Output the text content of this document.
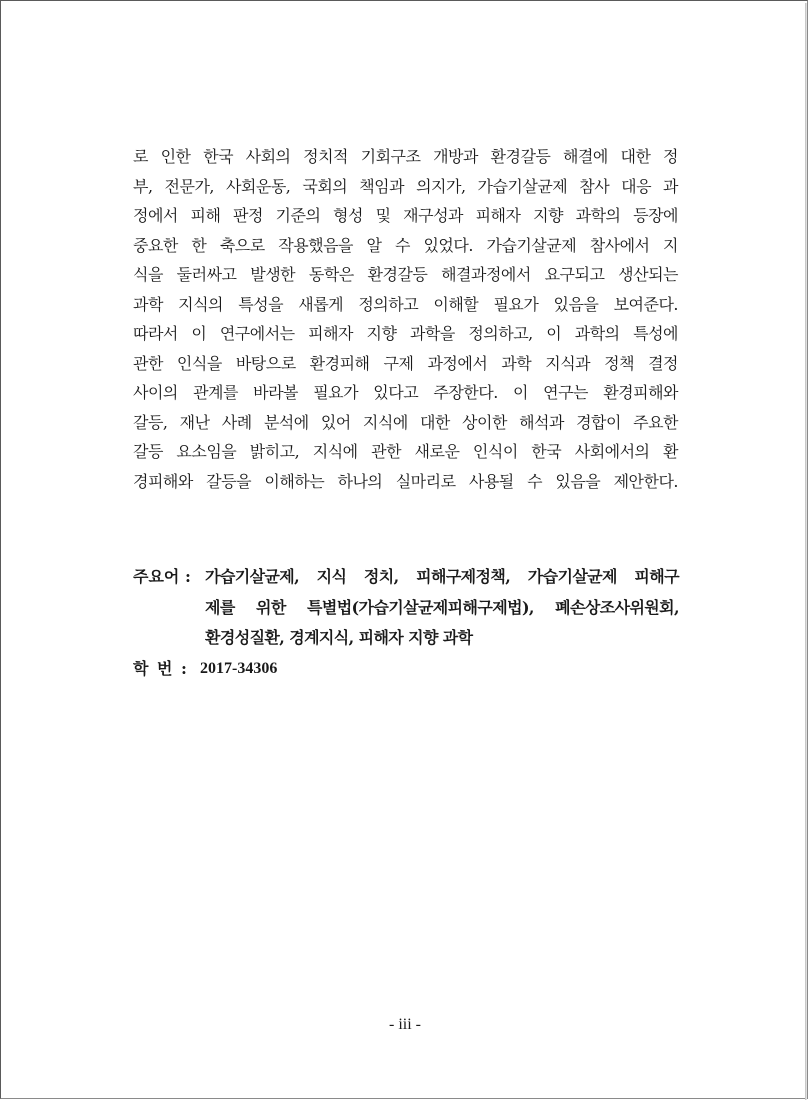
로 인한 한국 사회의 정치적 기회구조 개방과 환경갈등 해결에 대한 정
부, 전문가, 사회운동, 국회의 책임과 의지가, 가습기살균제 참사 대응 과
정에서 피해 판정 기준의 형성 및 재구성과 피해자 지향 과학의 등장에
중요한 한 축으로 작용했음을 알 수 있었다. 가습기살균제 참사에서 지
식을 둘러싸고 발생한 동학은 환경갈등 해결과정에서 요구되고 생산되는
과학 지식의 특성을 새롭게 정의하고 이해할 필요가 있음을 보여준다.
따라서 이 연구에서는 피해자 지향 과학을 정의하고, 이 과학의 특성에
관한 인식을 바탕으로 환경피해 구제 과정에서 과학 지식과 정책 결정
사이의 관계를 바라볼 필요가 있다고 주장한다. 이 연구는 환경피해와
갈등, 재난 사례 분석에 있어 지식에 대한 상이한 해석과 경합이 주요한
갈등 요소임을 밝히고, 지식에 관한 새로운 인식이 한국 사회에서의 환
경피해와 갈등을 이해하는 하나의 실마리로 사용될 수 있음을 제안한다.
주요어 : 가습기살균제, 지식 정치, 피해구제정책, 가습기살균제 피해구
제를 위한 특별법(가습기살균제피해구제법), 폐손상조사위원회,
환경성질환, 경계지식, 피해자 지향 과학
학 번 : 2017-34306
- iii -
